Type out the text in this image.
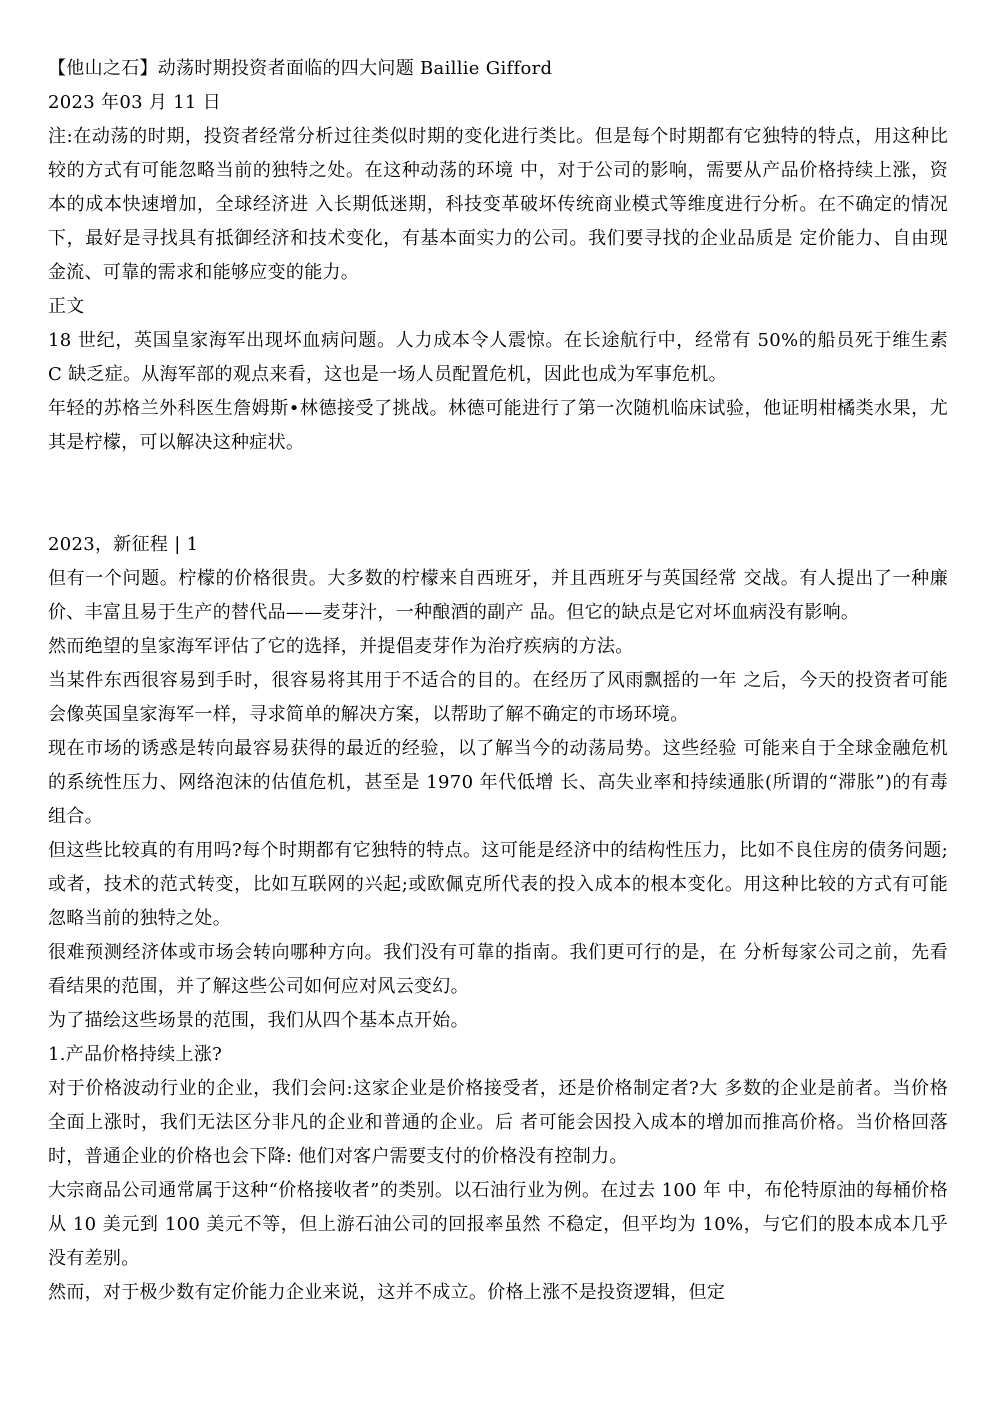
【他山之石】动荡时期投资者面临的四大问题 Baillie Gifford

2023 年03 月 11 日

注:在动荡的时期，投资者经常分析过往类似时期的变化进行类比。但是每个时期都有它独特的特点，用这种比较的方式有可能忽略当前的独特之处。在这种动荡的环境 中，对于公司的影响，需要从产品价格持续上涨，资本的成本快速增加，全球经济进 入长期低迷期，科技变革破坏传统商业模式等维度进行分析。在不确定的情况下，最好是寻找具有抵御经济和技术变化，有基本面实力的公司。我们要寻找的企业品质是 定价能力、自由现金流、可靠的需求和能够应变的能力。

正文

18 世纪，英国皇家海军出现坏血病问题。人力成本令人震惊。在长途航行中，经常有 50%的船员死于维生素 C 缺乏症。从海军部的观点来看，这也是一场人员配置危机，因此也成为军事危机。

年轻的苏格兰外科医生詹姆斯•林德接受了挑战。林德可能进行了第一次随机临床试验，他证明柑橘类水果，尤其是柠檬，可以解决这种症状。

2023，新征程 | 1

但有一个问题。柠檬的价格很贵。大多数的柠檬来自西班牙，并且西班牙与英国经常 交战。有人提出了一种廉价、丰富且易于生产的替代品——麦芽汁，一种酿酒的副产 品。但它的缺点是它对坏血病没有影响。

然而绝望的皇家海军评估了它的选择，并提倡麦芽作为治疗疾病的方法。

当某件东西很容易到手时，很容易将其用于不适合的目的。在经历了风雨飘摇的一年 之后，今天的投资者可能会像英国皇家海军一样，寻求简单的解决方案，以帮助了解不确定的市场环境。

现在市场的诱惑是转向最容易获得的最近的经验，以了解当今的动荡局势。这些经验 可能来自于全球金融危机的系统性压力、网络泡沫的估值危机，甚至是 1970 年代低增 长、高失业率和持续通胀(所谓的“滞胀”)的有毒组合。

但这些比较真的有用吗?每个时期都有它独特的特点。这可能是经济中的结构性压力，比如不良住房的债务问题;或者，技术的范式转变，比如互联网的兴起;或欧佩克所代表的投入成本的根本变化。用这种比较的方式有可能忽略当前的独特之处。

很难预测经济体或市场会转向哪种方向。我们没有可靠的指南。我们更可行的是，在 分析每家公司之前，先看看结果的范围，并了解这些公司如何应对风云变幻。

为了描绘这些场景的范围，我们从四个基本点开始。

1.产品价格持续上涨?

对于价格波动行业的企业，我们会问:这家企业是价格接受者，还是价格制定者?大 多数的企业是前者。当价格全面上涨时，我们无法区分非凡的企业和普通的企业。后 者可能会因投入成本的增加而推高价格。当价格回落时，普通企业的价格也会下降: 他们对客户需要支付的价格没有控制力。

大宗商品公司通常属于这种“价格接收者”的类别。以石油行业为例。在过去 100 年 中，布伦特原油的每桶价格从 10 美元到 100 美元不等，但上游石油公司的回报率虽然 不稳定，但平均为 10%，与它们的股本成本几乎没有差别。

然而，对于极少数有定价能力企业来说，这并不成立。价格上涨不是投资逻辑，但定
